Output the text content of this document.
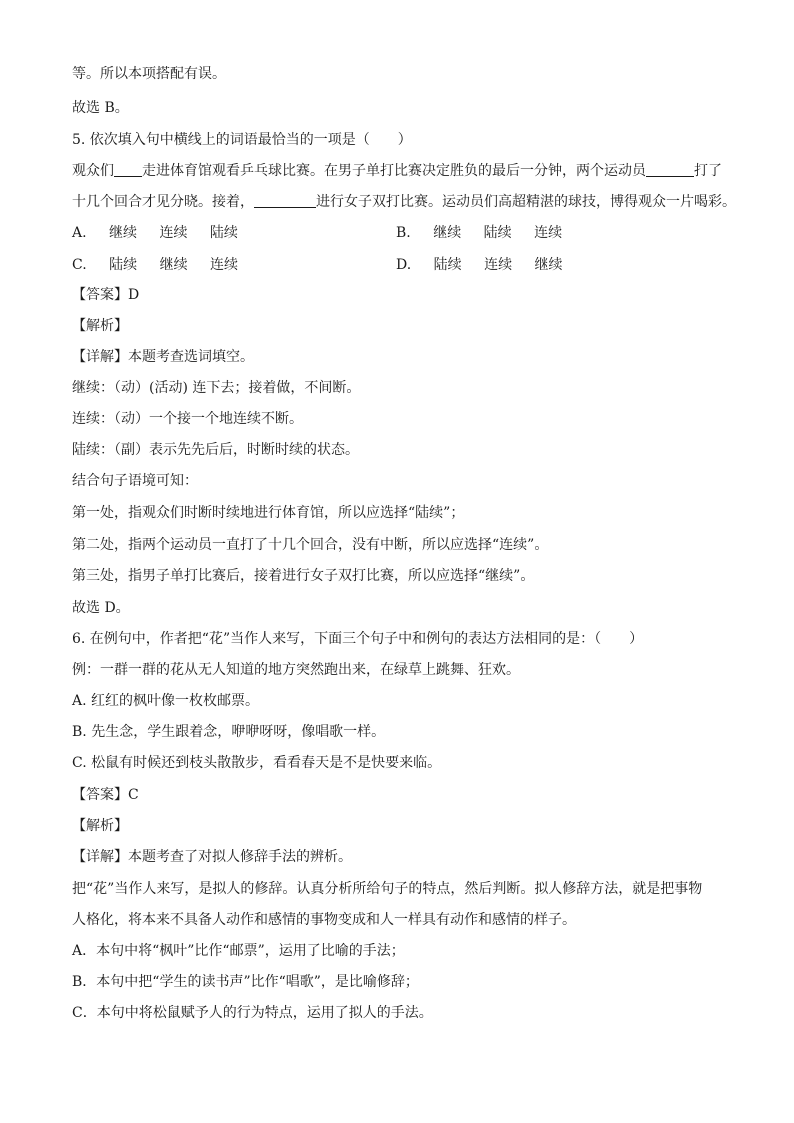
等。所以本项搭配有误。
故选 B。
5. 依次填入句中横线上的词语最恰当的一项是（　　）
观众们 走进体育馆观看乒乓球比赛。在男子单打比赛决定胜负的最后一分钟，两个运动员	打了
十几个回合才见分晓。接着，	进行女子双打比赛。运动员们高超精湛的球技，博得观众一片喝彩。
A. 继续 连续 陆续	B. 继续 陆续 连续
C. 陆续 继续 连续	D. 陆续 连续 继续
【答案】D
【解析】
【详解】本题考查选词填空。
继续：（动）(活动) 连下去；接着做，不间断。
连续：（动）一个接一个地连续不断。
陆续：（副）表示先先后后，时断时续的状态。
结合句子语境可知：
第一处，指观众们时断时续地进行体育馆，所以应选择“陆续”；
第二处，指两个运动员一直打了十几个回合，没有中断，所以应选择“连续”。
第三处，指男子单打比赛后，接着进行女子双打比赛，所以应选择“继续”。
故选 D。
6. 在例句中，作者把“花”当作人来写，下面三个句子中和例句的表达方法相同的是：（　　）
例：一群一群的花从无人知道的地方突然跑出来，在绿草上跳舞、狂欢。
A. 红红的枫叶像一枚枚邮票。
B. 先生念，学生跟着念，咿咿呀呀，像唱歌一样。
C. 松鼠有时候还到枝头散散步，看看春天是不是快要来临。
【答案】C
【解析】
【详解】本题考查了对拟人修辞手法的辨析。
把“花”当作人来写，是拟人的修辞。认真分析所给句子的特点，然后判断。拟人修辞方法，就是把事物
人格化，将本来不具备人动作和感情的事物变成和人一样具有动作和感情的样子。
A．本句中将“枫叶”比作“邮票”，运用了比喻的手法；
B．本句中把“学生的读书声”比作“唱歌”，是比喻修辞；
C．本句中将松鼠赋予人的行为特点，运用了拟人的手法。
